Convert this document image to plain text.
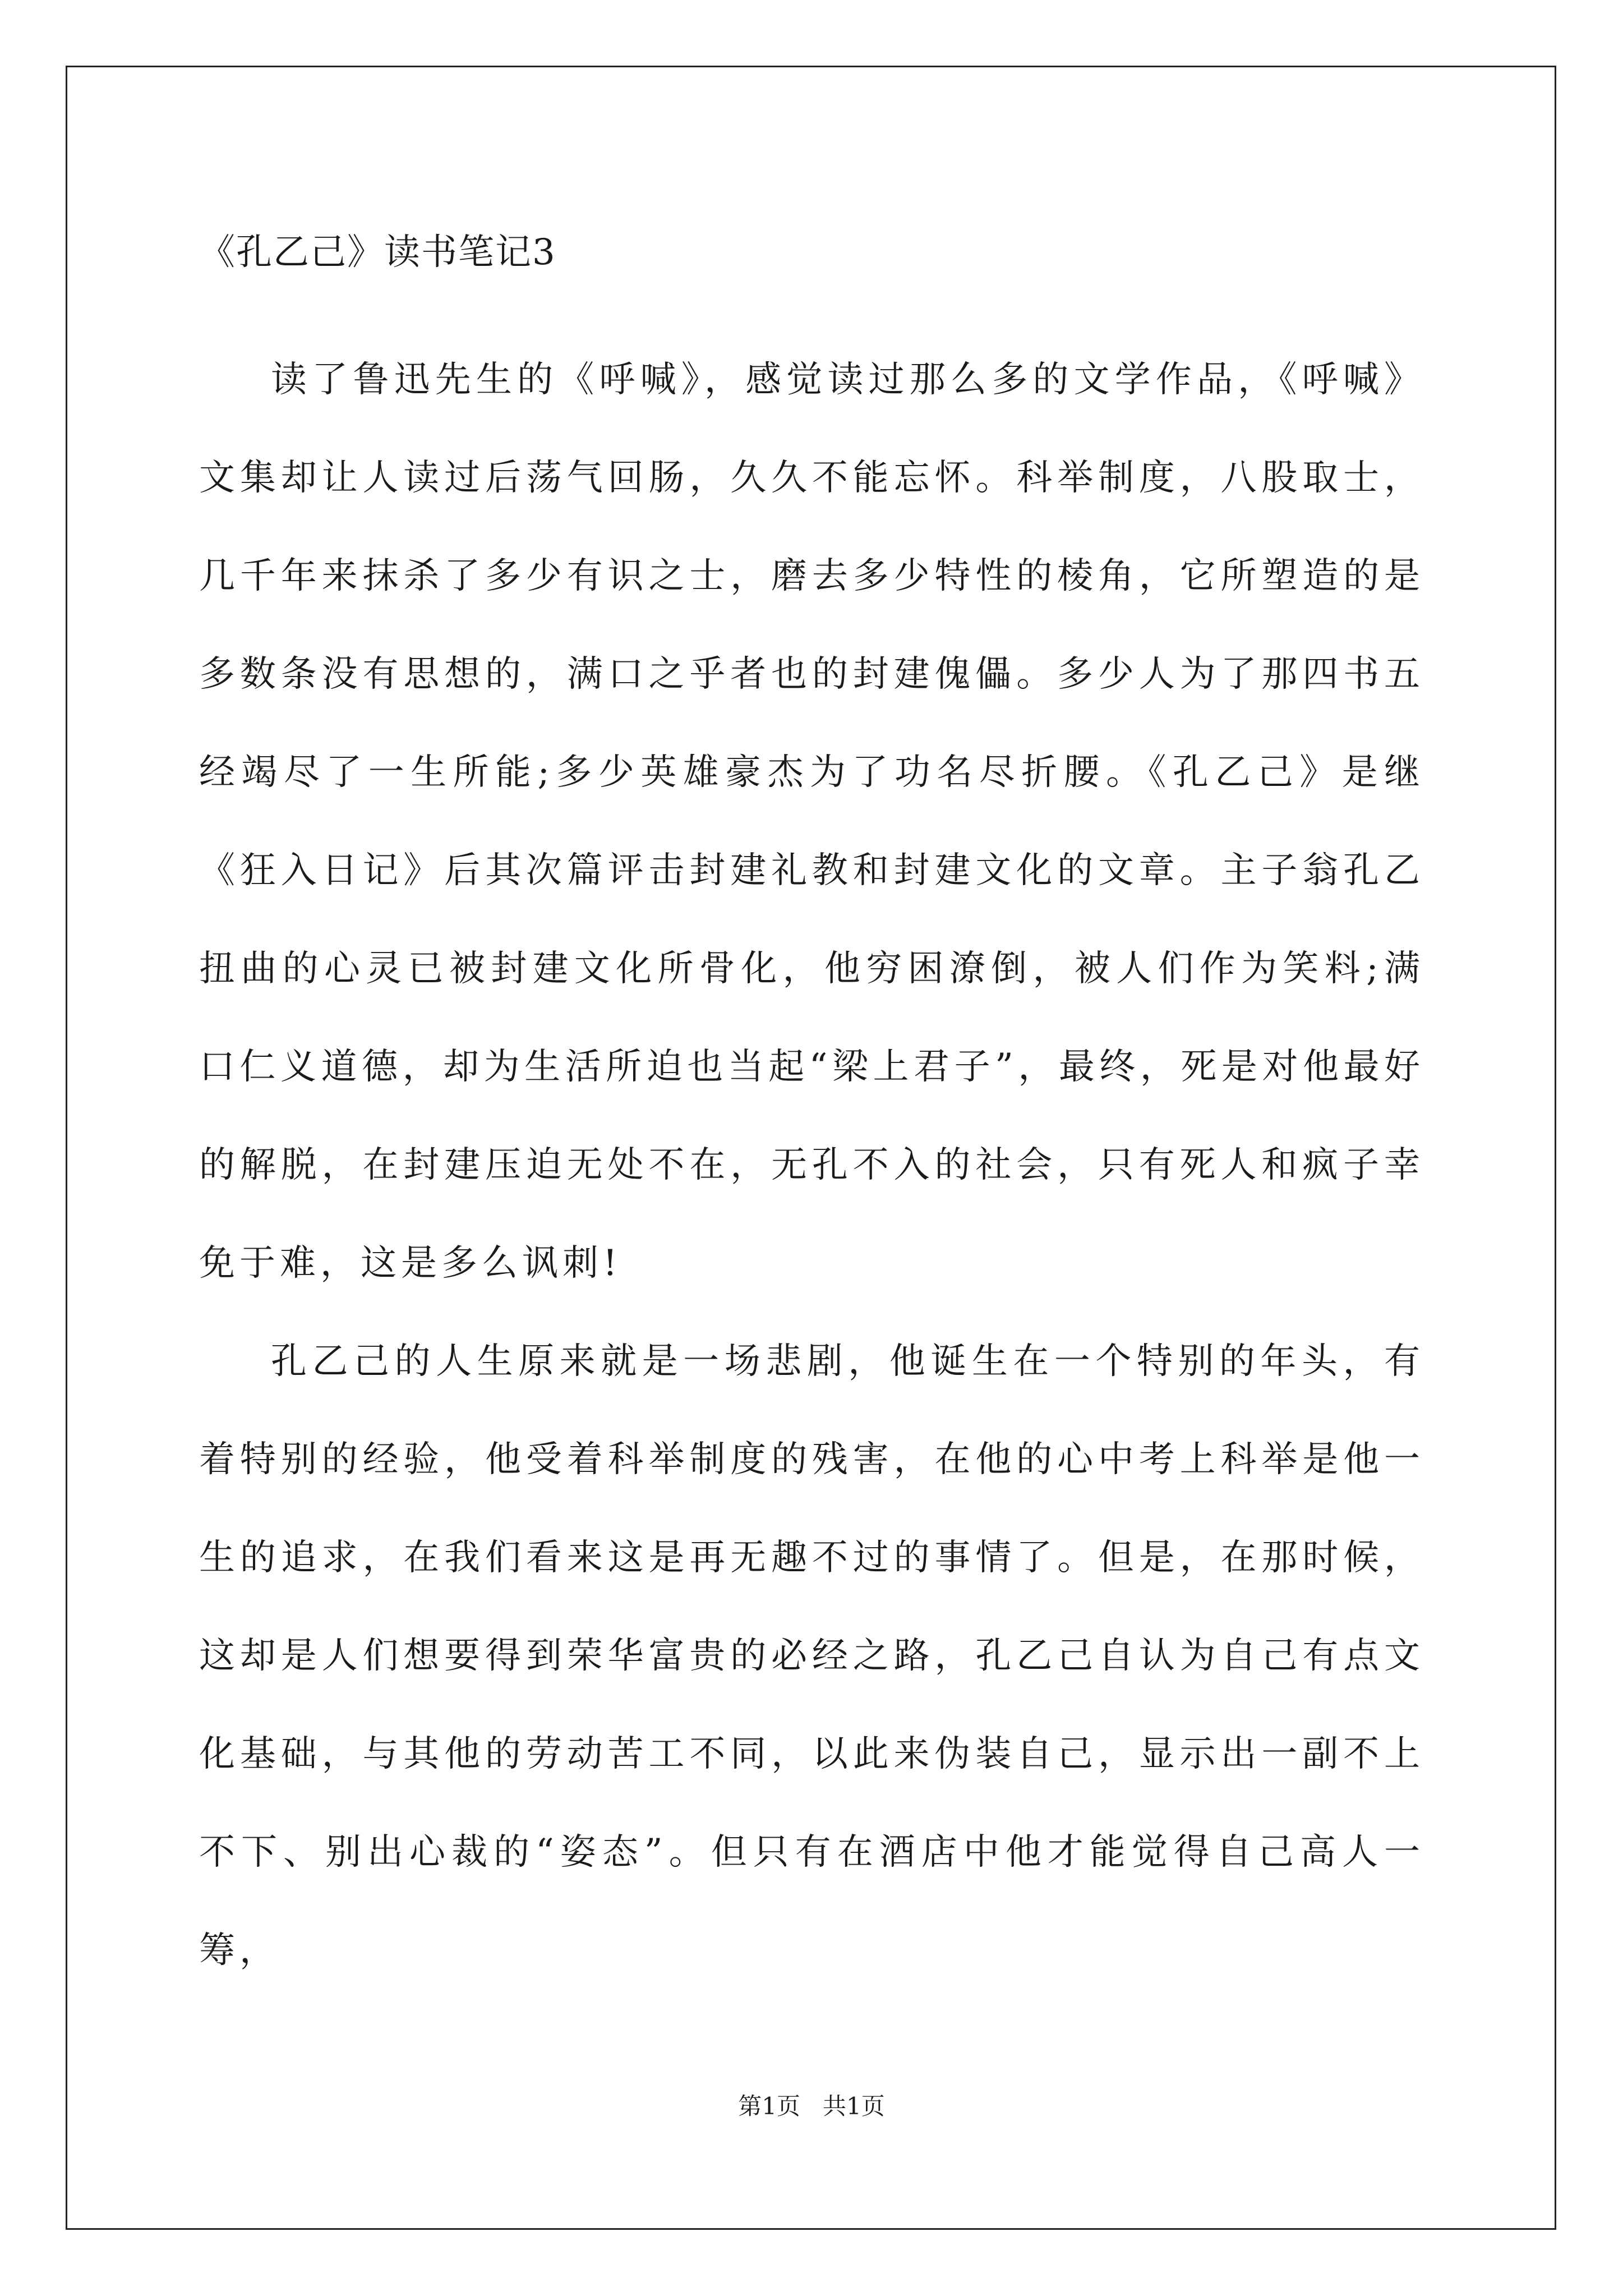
《孔乙己》读书笔记3

读了鲁迅先生的《呼喊》，感觉读过那么多的文学作品，《呼喊》文集却让人读过后荡气回肠，久久不能忘怀。科举制度，八股取士，几千年来抹杀了多少有识之士，磨去多少特性的棱角，它所塑造的是多数条没有思想的，满口之乎者也的封建傀儡。多少人为了那四书五经竭尽了一生所能;多少英雄豪杰为了功名尽折腰。《孔乙己》是继《狂入日记》后其次篇评击封建礼教和封建文化的文章。主子翁孔乙扭曲的心灵已被封建文化所骨化，他穷困潦倒，被人们作为笑料;满口仁义道德，却为生活所迫也当起“梁上君子”，最终，死是对他最好的解脱，在封建压迫无处不在，无孔不入的社会，只有死人和疯子幸免于难，这是多么讽刺!

孔乙己的人生原来就是一场悲剧，他诞生在一个特别的年头，有着特别的经验，他受着科举制度的残害，在他的心中考上科举是他一生的追求，在我们看来这是再无趣不过的事情了。但是，在那时候，这却是人们想要得到荣华富贵的必经之路，孔乙己自认为自己有点文化基础，与其他的劳动苦工不同，以此来伪装自己，显示出一副不上不下、别出心裁的“姿态”。但只有在酒店中他才能觉得自己高人一筹，

第1页 共1页
